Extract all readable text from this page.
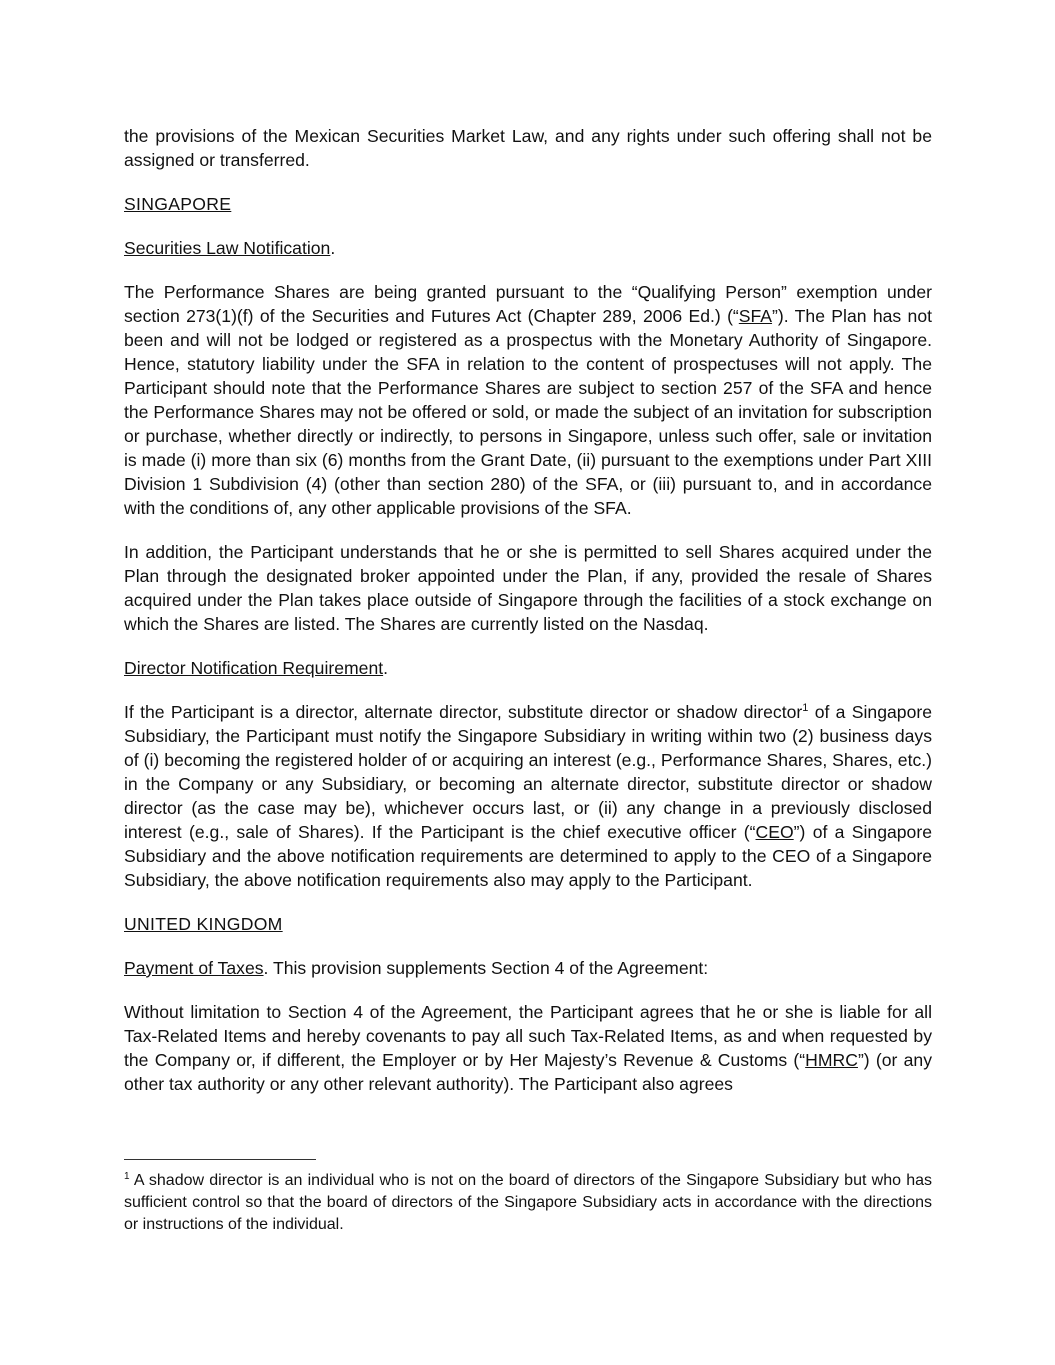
the provisions of the Mexican Securities Market Law, and any rights under such offering shall not be assigned or transferred.

SINGAPORE

Securities Law Notification.

The Performance Shares are being granted pursuant to the “Qualifying Person” exemption under section 273(1)(f) of the Securities and Futures Act (Chapter 289, 2006 Ed.) (“SFA”). The Plan has not been and will not be lodged or registered as a prospectus with the Monetary Authority of Singapore. Hence, statutory liability under the SFA in relation to the content of prospectuses will not apply. The Participant should note that the Performance Shares are subject to section 257 of the SFA and hence the Performance Shares may not be offered or sold, or made the subject of an invitation for subscription or purchase, whether directly or indirectly, to persons in Singapore, unless such offer, sale or invitation is made (i) more than six (6) months from the Grant Date, (ii) pursuant to the exemptions under Part XIII Division 1 Subdivision (4) (other than section 280) of the SFA, or (iii) pursuant to, and in accordance with the conditions of, any other applicable provisions of the SFA.

In addition, the Participant understands that he or she is permitted to sell Shares acquired under the Plan through the designated broker appointed under the Plan, if any, provided the resale of Shares acquired under the Plan takes place outside of Singapore through the facilities of a stock exchange on which the Shares are listed. The Shares are currently listed on the Nasdaq.

Director Notification Requirement.

If the Participant is a director, alternate director, substitute director or shadow director$^1$ of a Singapore Subsidiary, the Participant must notify the Singapore Subsidiary in writing within two (2) business days of (i) becoming the registered holder of or acquiring an interest (e.g., Performance Shares, Shares, etc.) in the Company or any Subsidiary, or becoming an alternate director, substitute director or shadow director (as the case may be), whichever occurs last, or (ii) any change in a previously disclosed interest (e.g., sale of Shares). If the Participant is the chief executive officer (“CEO”) of a Singapore Subsidiary and the above notification requirements are determined to apply to the CEO of a Singapore Subsidiary, the above notification requirements also may apply to the Participant.

UNITED KINGDOM

Payment of Taxes. This provision supplements Section 4 of the Agreement:

Without limitation to Section 4 of the Agreement, the Participant agrees that he or she is liable for all Tax-Related Items and hereby covenants to pay all such Tax-Related Items, as and when requested by the Company or, if different, the Employer or by Her Majesty’s Revenue & Customs (“HMRC”) (or any other tax authority or any other relevant authority). The Participant also agrees

$^1$ A shadow director is an individual who is not on the board of directors of the Singapore Subsidiary but who has sufficient control so that the board of directors of the Singapore Subsidiary acts in accordance with the directions or instructions of the individual.
